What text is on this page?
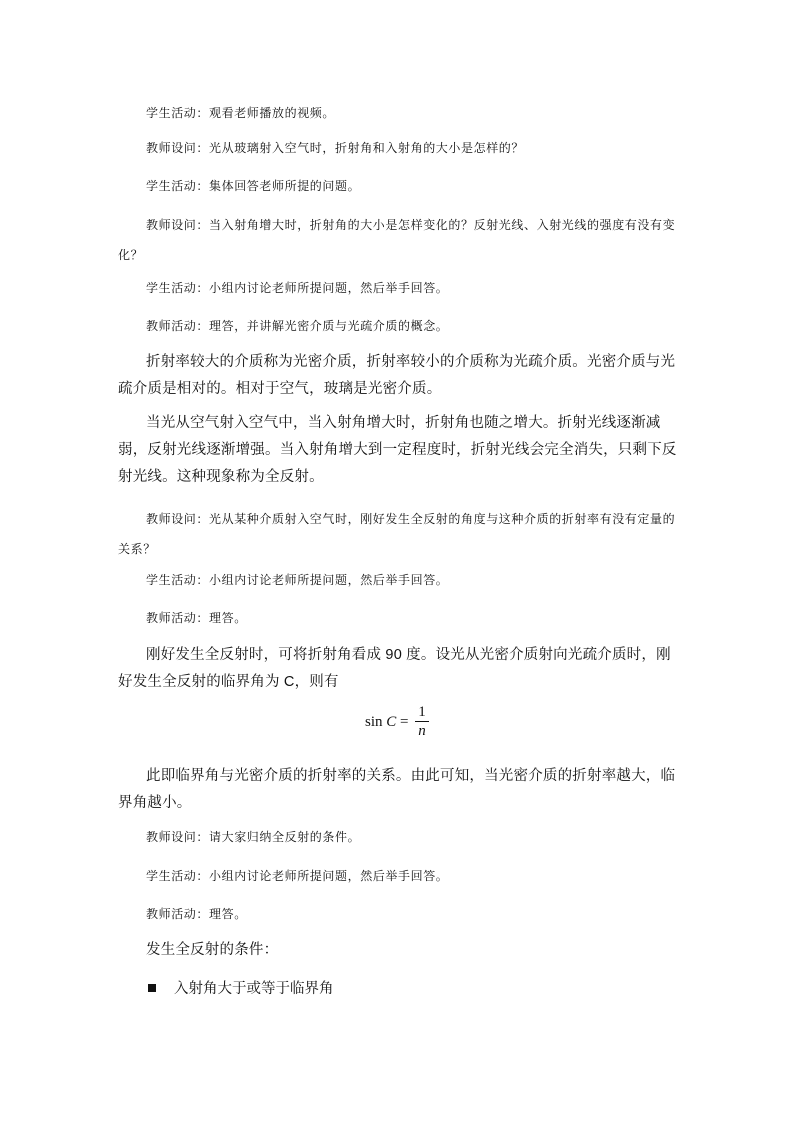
学生活动：观看老师播放的视频。

教师设问：光从玻璃射入空气时，折射角和入射角的大小是怎样的？

学生活动：集体回答老师所提的问题。

教师设问：当入射角增大时，折射角的大小是怎样变化的？反射光线、入射光线的强度有没有变化？

学生活动：小组内讨论老师所提问题，然后举手回答。

教师活动：理答，并讲解光密介质与光疏介质的概念。

折射率较大的介质称为光密介质，折射率较小的介质称为光疏介质。光密介质与光疏介质是相对的。相对于空气，玻璃是光密介质。

当光从空气射入空气中，当入射角增大时，折射角也随之增大。折射光线逐渐减弱，反射光线逐渐增强。当入射角增大到一定程度时，折射光线会完全消失，只剩下反射光线。这种现象称为全反射。

教师设问：光从某种介质射入空气时，刚好发生全反射的角度与这种介质的折射率有没有定量的关系？

学生活动：小组内讨论老师所提问题，然后举手回答。

教师活动：理答。

刚好发生全反射时，可将折射角看成 90 度。设光从光密介质射向光疏介质时，刚好发生全反射的临界角为 C，则有

sin C =
1
n

此即临界角与光密介质的折射率的关系。由此可知，当光密介质的折射率越大，临界角越小。

教师设问：请大家归纳全反射的条件。

学生活动：小组内讨论老师所提问题，然后举手回答。

教师活动：理答。

发生全反射的条件：

入射角大于或等于临界角
